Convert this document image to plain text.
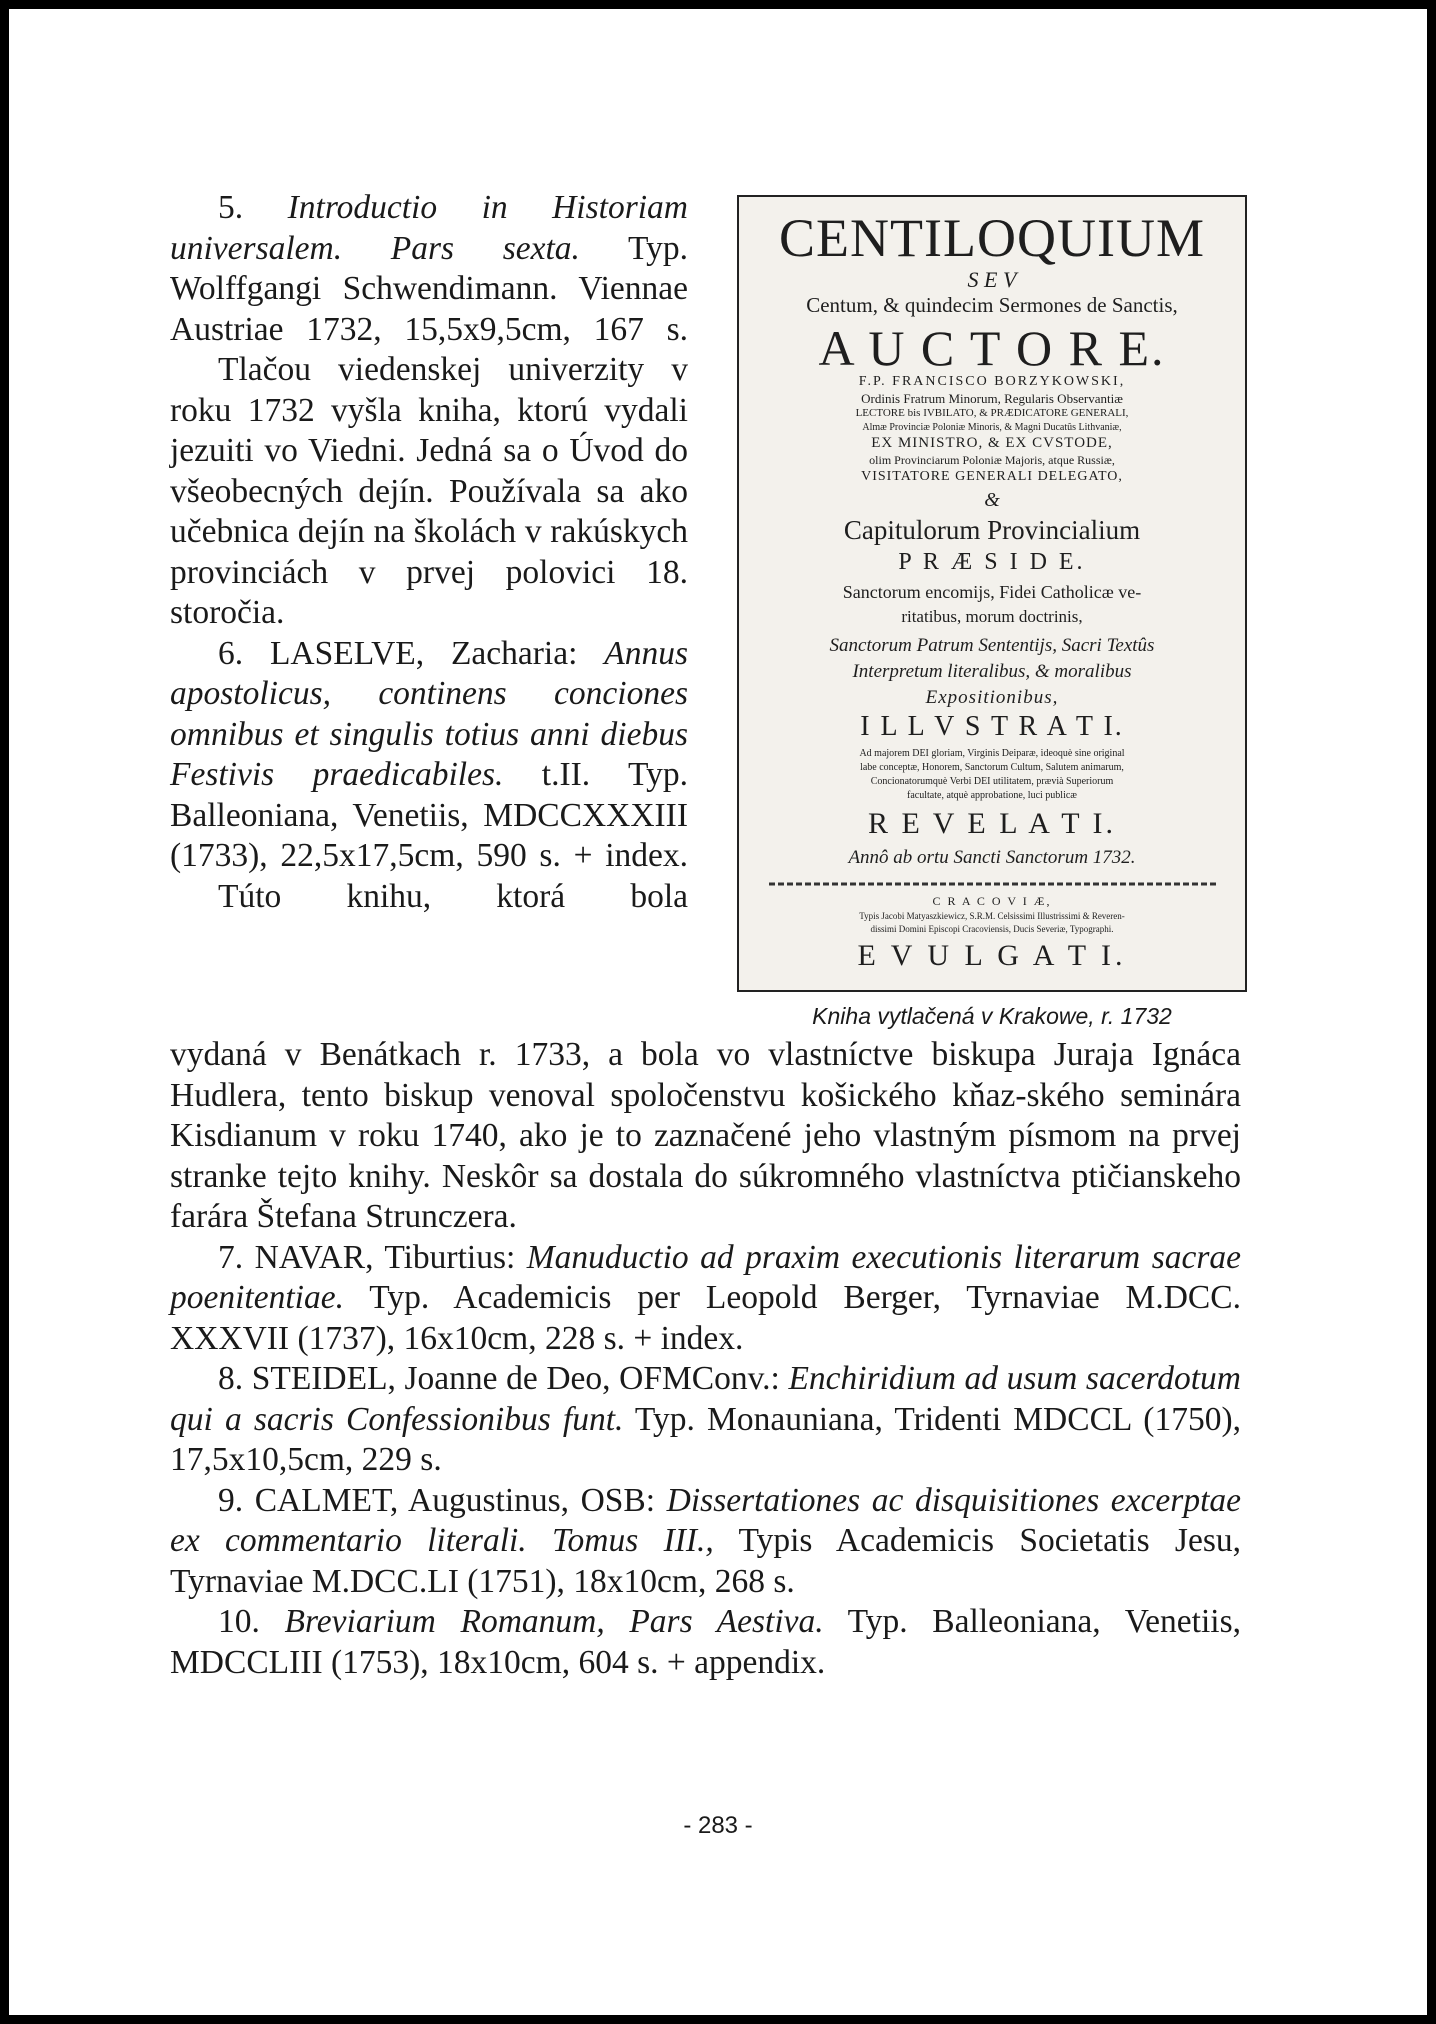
5. Introductio in Historiam universalem. Pars sexta. Typ. Wolffgangi Schwendimann. Viennae Austriae 1732, 15,5x9,5cm, 167 s.

Tlačou viedenskej univerzity v roku 1732 vyšla kniha, ktorú vydali jezuiti vo Viedni. Jedná sa o Úvod do všeobecných dejín. Používala sa ako učebnica dejín na školách v rakúskych provinciách v prvej polovici 18. storočia.

6. LASELVE, Zacharia: Annus apostolicus, continens conciones omnibus et singulis totius anni diebus Festivis praedicabiles. t.II. Typ. Balleoniana, Venetiis, MDCCXXXIII (1733), 22,5x17,5cm, 590 s. + index.

Túto knihu, ktorá bola

vydaná v Benátkach r. 1733, a bola vo vlastníctve biskupa Juraja Ignáca Hudlera, tento biskup venoval spoločenstvu košického kňaz-ského seminára Kisdianum v roku 1740, ako je to zaznačené jeho vlastným písmom na prvej stranke tejto knihy. Neskôr sa dostala do súkromného vlastníctva ptičianskeho farára Štefana Strunczera.

7. NAVAR, Tiburtius: Manuductio ad praxim executionis literarum sacrae poenitentiae. Typ. Academicis per Leopold Berger, Tyrnaviae M.DCC. XXXVII (1737), 16x10cm, 228 s. + index.

8. STEIDEL, Joanne de Deo, OFMConv.: Enchiridium ad usum sacerdotum qui a sacris Confessionibus funt. Typ. Monauniana, Tridenti MDCCL (1750), 17,5x10,5cm, 229 s.

9. CALMET, Augustinus, OSB: Dissertationes ac disquisitiones excerptae ex commentario literali. Tomus III., Typis Academicis Societatis Jesu, Tyrnaviae M.DCC.LI (1751), 18x10cm, 268 s.

10. Breviarium Romanum, Pars Aestiva. Typ. Balleoniana, Venetiis, MDCCLIII (1753), 18x10cm, 604 s. + appendix.

CENTILOQUIUM
S E V
Centum, & quindecim Sermones de Sanctis,
A U C T O R E.
F.P. FRANCISCO BORZYKOWSKI,
Ordinis Fratrum Minorum, Regularis Observantiæ
LECTORE bis IVBILATO, & PRÆDICATORE GENERALI,
Almæ Provinciæ Poloniæ Minoris, & Magni Ducatûs Lithvaniæ,
EX MINISTRO, & EX CVSTODE,
olim Provinciarum Poloniæ Majoris, atque Russiæ,
VISITATORE GENERALI DELEGATO,
&
Capitulorum Provincialium
P R Æ S I D E.
Sanctorum encomijs, Fidei Catholicæ ve-
ritatibus, morum doctrinis,
Sanctorum Patrum Sententijs, Sacri Textûs
Interpretum literalibus, & moralibus
Expositionibus,
I L L V S T R A T I.
Ad majorem DEI gloriam, Virginis Deiparæ, ideoquè sine original
labe conceptæ, Honorem, Sanctorum Cultum, Salutem animarum,
Concionatorumquè Verbi DEI utilitatem, prævià Superiorum
facultate, atquè approbatione, luci publicæ
R E V E L A T I.
Annô ab ortu Sancti Sanctorum 1732.
C R A C O V I Æ,
Typis Jacobi Matyaszkiewicz, S.R.M. Celsissimi Illustrissimi & Reveren-
dissimi Domini Episcopi Cracoviensis, Ducis Severiæ, Typographi.
E V U L G A T I.
Kniha vytlačená v Krakowe, r. 1732
- 283 -
